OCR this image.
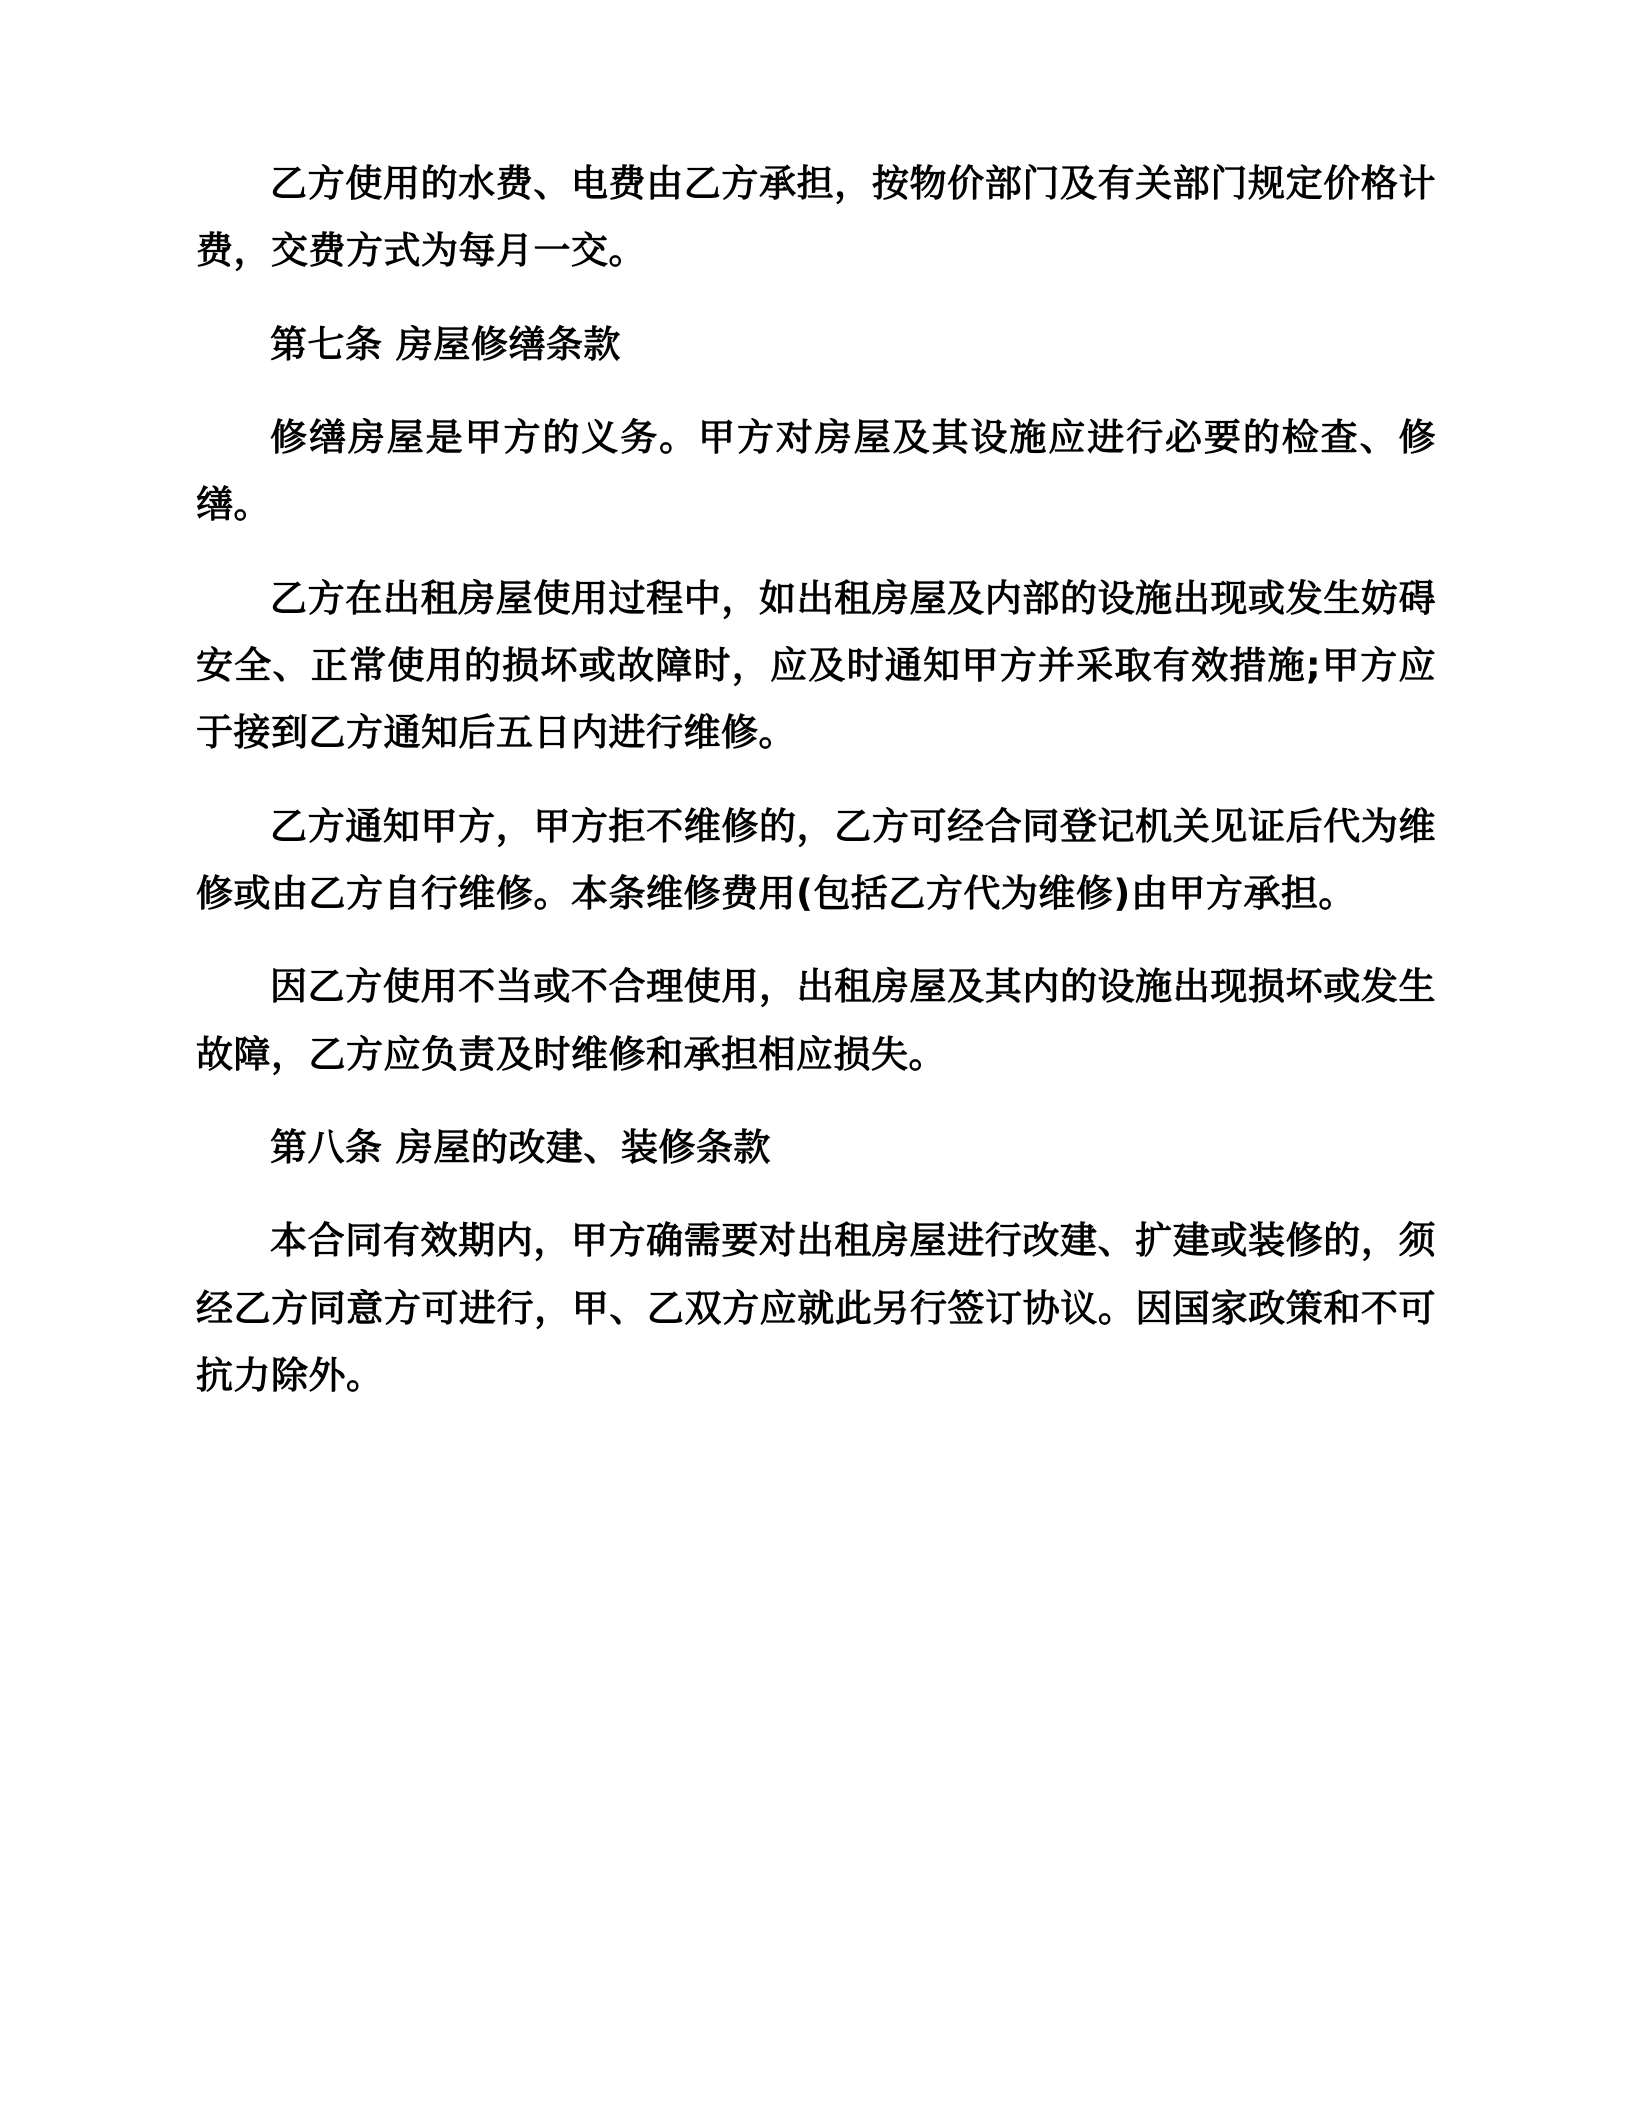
乙方使用的水费、电费由乙方承担，按物价部门及有关部门规定价格计费，交费方式为每月一交。

第七条 房屋修缮条款

修缮房屋是甲方的义务。甲方对房屋及其设施应进行必要的检查、修缮。

乙方在出租房屋使用过程中，如出租房屋及内部的设施出现或发生妨碍安全、正常使用的损坏或故障时，应及时通知甲方并采取有效措施;甲方应于接到乙方通知后五日内进行维修。

乙方通知甲方，甲方拒不维修的，乙方可经合同登记机关见证后代为维修或由乙方自行维修。本条维修费用(包括乙方代为维修)由甲方承担。

因乙方使用不当或不合理使用，出租房屋及其内的设施出现损坏或发生故障，乙方应负责及时维修和承担相应损失。

第八条 房屋的改建、装修条款

本合同有效期内，甲方确需要对出租房屋进行改建、扩建或装修的，须经乙方同意方可进行，甲、乙双方应就此另行签订协议。因国家政策和不可抗力除外。
